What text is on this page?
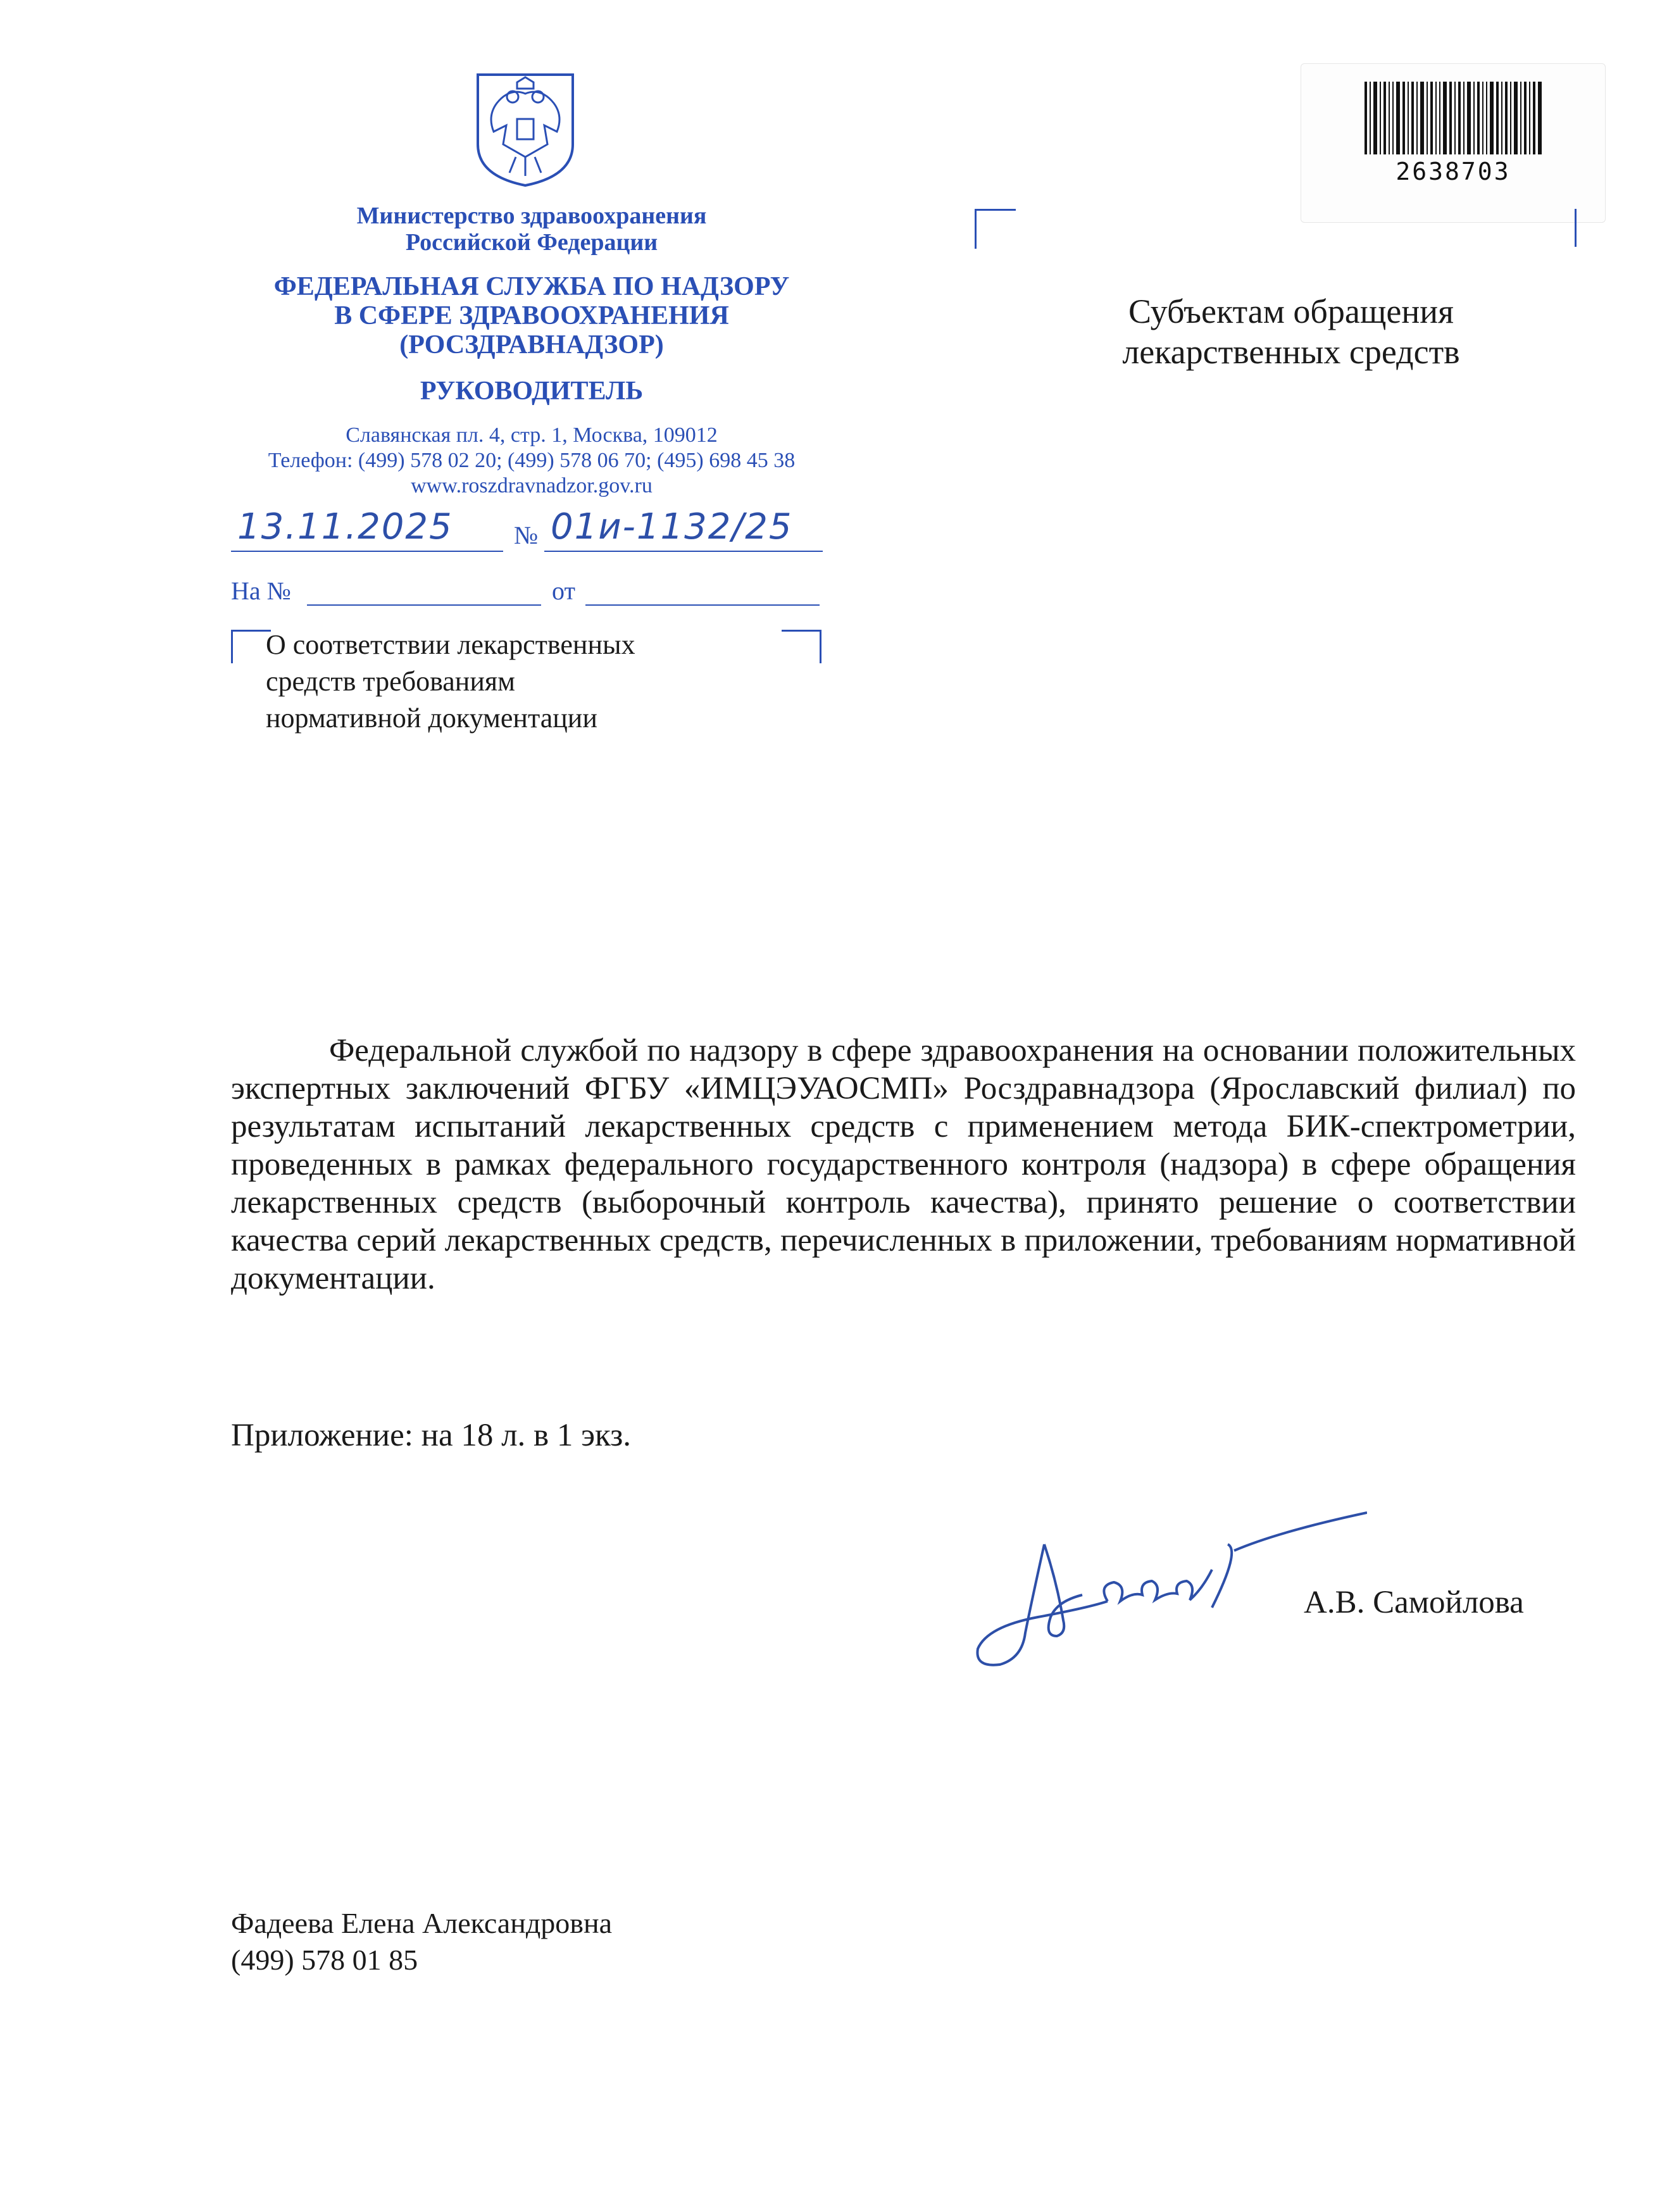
Министерство здравоохранения
Российской Федерации
ФЕДЕРАЛЬНАЯ СЛУЖБА ПО НАДЗОРУ
В СФЕРЕ ЗДРАВООХРАНЕНИЯ
(РОСЗДРАВНАДЗОР)
РУКОВОДИТЕЛЬ
Славянская пл. 4, стр. 1, Москва, 109012
Телефон: (499) 578 02 20; (499) 578 06 70; (495) 698 45 38
www.roszdravnadzor.gov.ru
13.11.2025 № 01и-1132/25
На №	от
О соответствии лекарственных
средств требованиям
нормативной документации
2638703
Субъектам обращения
лекарственных средств

Федеральной службой по надзору в сфере здравоохранения на основании положительных экспертных заключений ФГБУ «ИМЦЭУАОСМП» Росздравнадзора (Ярославский филиал) по результатам испытаний лекарственных средств с применением метода БИК-спектрометрии, проведенных в рамках федерального государственного контроля (надзора) в сфере обращения лекарственных средств (выборочный контроль качества), принято решение о соответствии качества серий лекарственных средств, перечисленных в приложении, требованиям нормативной документации.

Приложение: на 18 л. в 1 экз.
А.В. Самойлова
Фадеева Елена Александровна
(499) 578 01 85
